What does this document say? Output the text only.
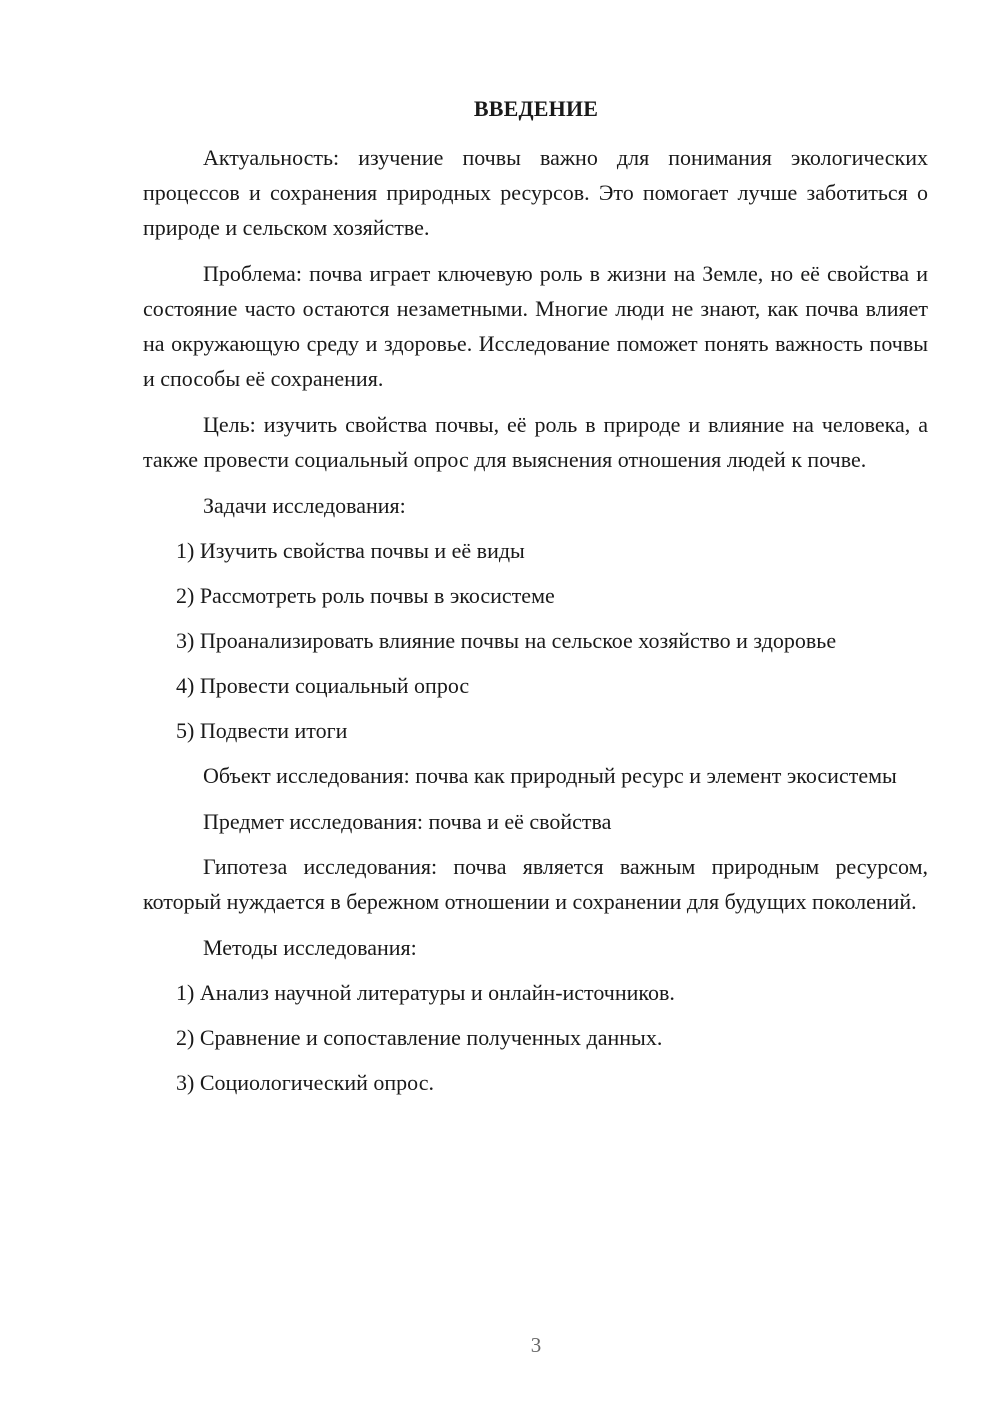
ВВЕДЕНИЕ

Актуальность: изучение почвы важно для понимания экологических процессов и сохранения природных ресурсов. Это помогает лучше заботиться о природе и сельском хозяйстве.

Проблема: почва играет ключевую роль в жизни на Земле, но её свойства и состояние часто остаются незаметными. Многие люди не знают, как почва влияет на окружающую среду и здоровье. Исследование поможет понять важность почвы и способы её сохранения.

Цель: изучить свойства почвы, её роль в природе и влияние на человека, а также провести социальный опрос для выяснения отношения людей к почве.

Задачи исследования:

1) Изучить свойства почвы и её виды

2) Рассмотреть роль почвы в экосистеме

3) Проанализировать влияние почвы на сельское хозяйство и здоровье

4) Провести социальный опрос

5) Подвести итоги

Объект исследования: почва как природный ресурс и элемент экосистемы

Предмет исследования: почва и её свойства

Гипотеза исследования: почва является важным природным ресурсом, который нуждается в бережном отношении и сохранении для будущих поколений.

Методы исследования:

1) Анализ научной литературы и онлайн-источников.

2) Сравнение и сопоставление полученных данных.

3) Социологический опрос.

3
